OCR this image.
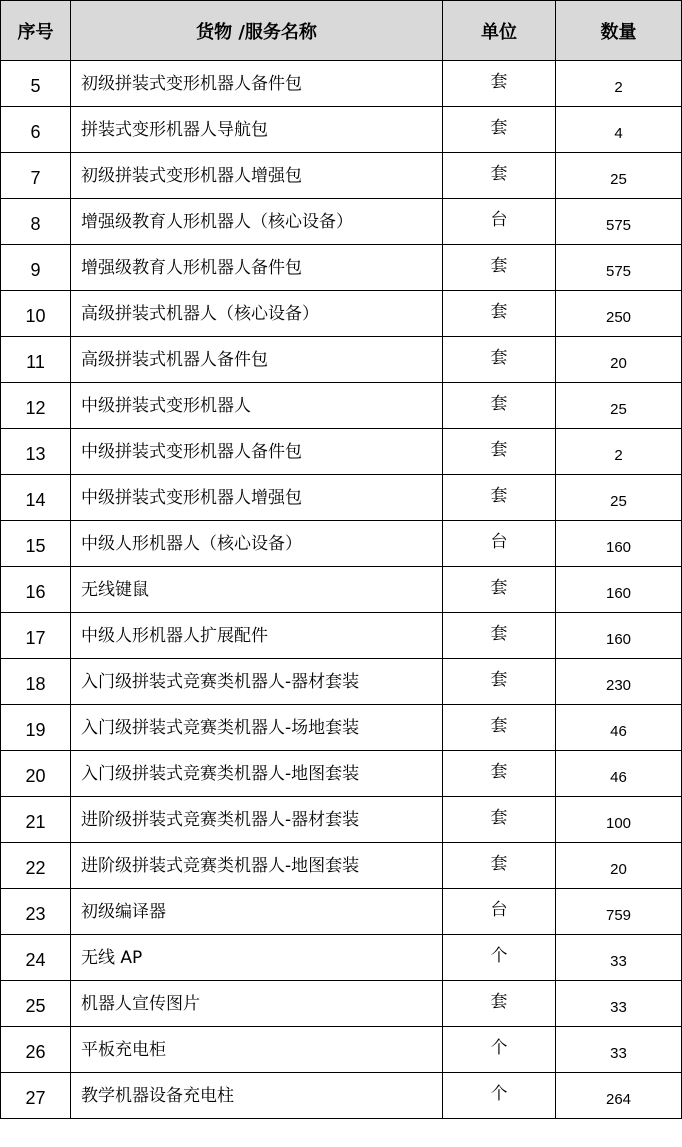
序号	货物 /服务名称	单位	数量
5	初级拼装式变形机器人备件包	套	2
6	拼装式变形机器人导航包	套	4
7	初级拼装式变形机器人增强包	套	25
8	增强级教育人形机器人（核心设备）	台	575
9	增强级教育人形机器人备件包	套	575
10	高级拼装式机器人（核心设备）	套	250
11	高级拼装式机器人备件包	套	20
12	中级拼装式变形机器人	套	25
13	中级拼装式变形机器人备件包	套	2
14	中级拼装式变形机器人增强包	套	25
15	中级人形机器人（核心设备）	台	160
16	无线键鼠	套	160
17	中级人形机器人扩展配件	套	160
18	入门级拼装式竞赛类机器人-器材套装	套	230
19	入门级拼装式竞赛类机器人-场地套装	套	46
20	入门级拼装式竞赛类机器人-地图套装	套	46
21	进阶级拼装式竞赛类机器人-器材套装	套	100
22	进阶级拼装式竞赛类机器人-地图套装	套	20
23	初级编译器	台	759
24	无线 AP	个	33
25	机器人宣传图片	套	33
26	平板充电柜	个	33
27	教学机器设备充电柱	个	264
